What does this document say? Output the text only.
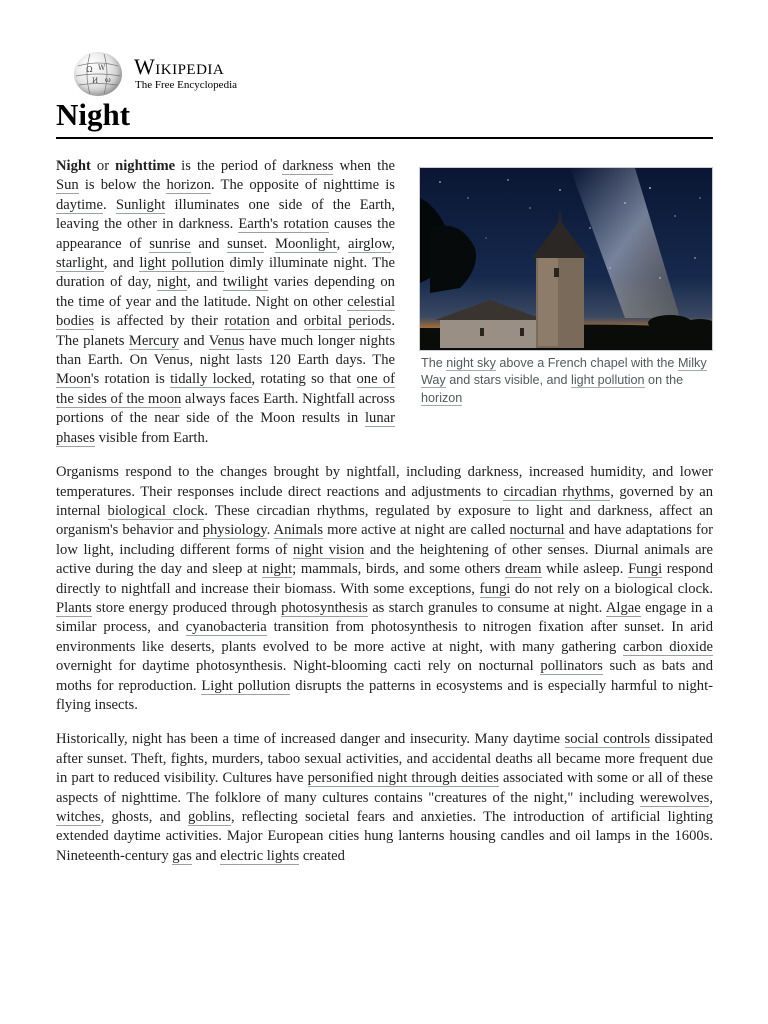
Ω W
И ω
Wikipedia
The Free Encyclopedia
Night
The night sky above a French chapel with the Milky Way and stars visible, and light pollution on the horizon

Night or nighttime is the period of darkness when the Sun is below the horizon. The opposite of nighttime is daytime. Sunlight illuminates one side of the Earth, leaving the other in darkness. Earth's rotation causes the appearance of sunrise and sunset. Moonlight, airglow, starlight, and light pollution dimly illuminate night. The duration of day, night, and twilight varies depending on the time of year and the latitude. Night on other celestial bodies is affected by their rotation and orbital periods. The planets Mercury and Venus have much longer nights than Earth. On Venus, night lasts 120 Earth days. The Moon's rotation is tidally locked, rotating so that one of the sides of the moon always faces Earth. Nightfall across portions of the near side of the Moon results in lunar phases visible from Earth.

Organisms respond to the changes brought by nightfall, including darkness, increased humidity, and lower temperatures. Their responses include direct reactions and adjustments to circadian rhythms, governed by an internal biological clock. These circadian rhythms, regulated by exposure to light and darkness, affect an organism's behavior and physiology. Animals more active at night are called nocturnal and have adaptations for low light, including different forms of night vision and the heightening of other senses. Diurnal animals are active during the day and sleep at night; mammals, birds, and some others dream while asleep. Fungi respond directly to nightfall and increase their biomass. With some exceptions, fungi do not rely on a biological clock. Plants store energy produced through photosynthesis as starch granules to consume at night. Algae engage in a similar process, and cyanobacteria transition from photosynthesis to nitrogen fixation after sunset. In arid environments like deserts, plants evolved to be more active at night, with many gathering carbon dioxide overnight for daytime photosynthesis. Night-blooming cacti rely on nocturnal pollinators such as bats and moths for reproduction. Light pollution disrupts the patterns in ecosystems and is especially harmful to night-flying insects.

Historically, night has been a time of increased danger and insecurity. Many daytime social controls dissipated after sunset. Theft, fights, murders, taboo sexual activities, and accidental deaths all became more frequent due in part to reduced visibility. Cultures have personified night through deities associated with some or all of these aspects of nighttime. The folklore of many cultures contains "creatures of the night," including werewolves, witches, ghosts, and goblins, reflecting societal fears and anxieties. The introduction of artificial lighting extended daytime activities. Major European cities hung lanterns housing candles and oil lamps in the 1600s. Nineteenth-century gas and electric lights created
